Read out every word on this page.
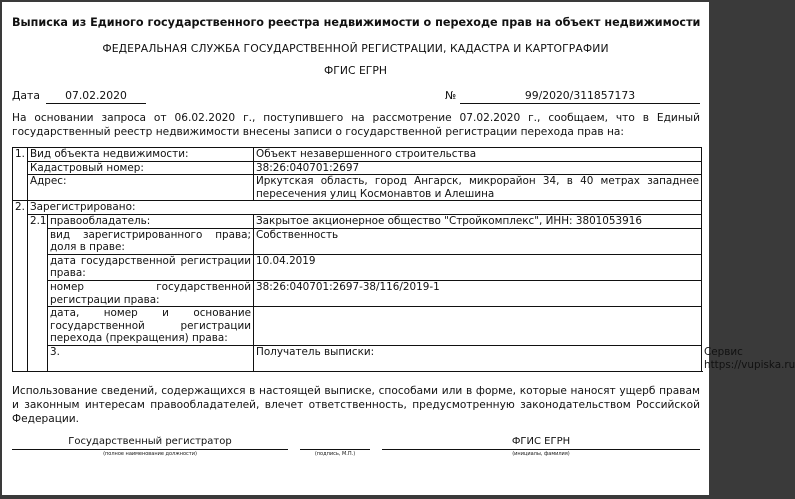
Выписка из Единого государственного реестра недвижимости о переходе прав на объект недвижимости
ФЕДЕРАЛЬНАЯ СЛУЖБА ГОСУДАРСТВЕННОЙ РЕГИСТРАЦИИ, КАДАСТРА И КАРТОГРАФИИ
ФГИС ЕГРН
Дата	07.02.2020	№	99/2020/311857173
На основании запроса от 06.02.2020 г., поступившего на рассмотрение 07.02.2020 г., сообщаем, что в Единый государственный реестр недвижимости внесены записи о государственной регистрации перехода прав на:
1.	Вид объекта недвижимости:		Объект незавершенного строительства	
	Кадастровый номер:		38:26:040701:2697	
	Адрес:		Иркутская область, город Ангарск, микрорайон 34, в 40 метрах западнее пересечения улиц Космонавтов и Алешина	
2.	Зарегистрировано:			
	2.1	правообладатель:	Закрытое акционерное общество "Стройкомплекс", ИНН: 3801053916	
		вид зарегистрированного права; доля в праве:	Собственность	
		дата государственной регистрации права:	10.04.2019	
		номер государственной регистрации права:	38:26:040701:2697-38/116/2019-1	
		дата, номер и основание государственной регистрации перехода (прекращения) права:		
		3.	Получатель выписки:	Сервис https://vupiska.ru
Использование сведений, содержащихся в настоящей выписке, способами или в форме, которые наносят ущерб правам и законным интересам правообладателей, влечет ответственность, предусмотренную законодательством Российской Федерации.
Государственный регистратор
(полное наименование должности)	(подпись, М.П.)
ФГИС ЕГРН
(инициалы, фамилия)
